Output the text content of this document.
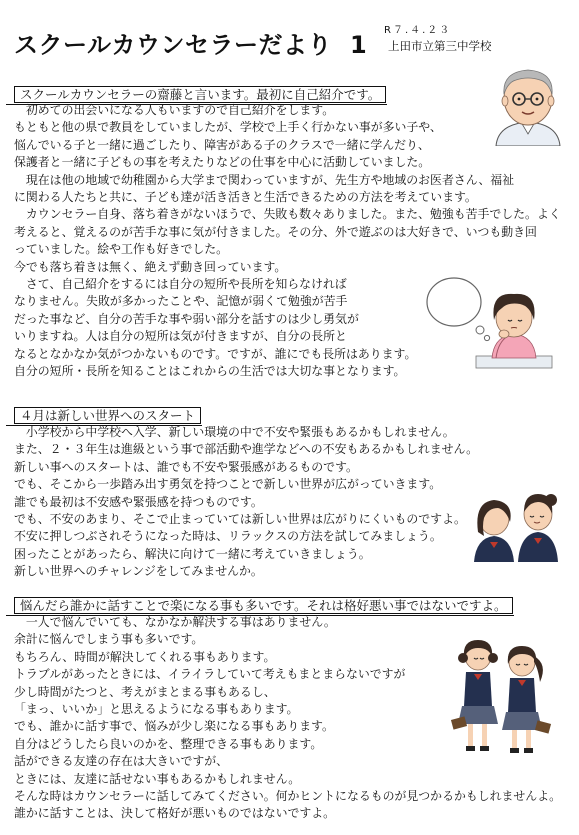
スクールカウンセラーだより 1
R７.４.２３
上田市立第三中学校
スクールカウンセラーの齋藤と言います。最初に自己紹介です。
　初めての出会いになる人もいますので自己紹介をします。
もともと他の県で教員をしていましたが、学校で上手く行かない事が多い子や、
悩んでいる子と一緒に過ごしたり、障害がある子のクラスで一緒に学んだり、
保護者と一緒に子どもの事を考えたりなどの仕事を中心に活動していました。
　現在は他の地域で幼稚園から大学まで関わっていますが、先生方や地域のお医者さん、福祉
に関わる人たちと共に、子ども達が活き活きと生活できるための方法を考えています。
　カウンセラー自身、落ち着きがないほうで、失敗も数々ありました。また、勉強も苦手でした。よく
考えると、覚えるのが苦手な事に気が付きました。その分、外で遊ぶのは大好きで、いつも動き回
っていました。絵や工作も好きでした。
今でも落ち着きは無く、絶えず動き回っています。
　さて、自己紹介をするには自分の短所や長所を知らなければ
なりません。失敗が多かったことや、記憶が弱くて勉強が苦手
だった事など、自分の苦手な事や弱い部分を話すのは少し勇気が
いりますね。人は自分の短所は気が付きますが、自分の長所と
なるとなかなか気がつかないものです。ですが、誰にでも長所はあります。
自分の短所・長所を知ることはこれからの生活では大切な事となります。
４月は新しい世界へのスタート
　小学校から中学校へ入学、新しい環境の中で不安や緊張もあるかもしれません。
また、２・３年生は進級という事で部活動や進学などへの不安もあるかもしれません。
新しい事へのスタートは、誰でも不安や緊張感があるものです。
でも、そこから一歩踏み出す勇気を持つことで新しい世界が広がっていきます。
誰でも最初は不安感や緊張感を持つものです。
でも、不安のあまり、そこで止まっていては新しい世界は広がりにくいものですよ。
不安に押しつぶされそうになった時は、リラックスの方法を試してみましょう。
困ったことがあったら、解決に向けて一緒に考えていきましょう。
新しい世界へのチャレンジをしてみませんか。
悩んだら誰かに話すことで楽になる事も多いです。それは格好悪い事ではないですよ。
　一人で悩んでいても、なかなか解決する事はありません。
余計に悩んでしまう事も多いです。
もちろん、時間が解決してくれる事もあります。
トラブルがあったときには、イライラしていて考えもまとまらないですが
少し時間がたつと、考えがまとまる事もあるし、
「まっ、いいか」と思えるようになる事もあります。
でも、誰かに話す事で、悩みが少し楽になる事もあります。
自分はどうしたら良いのかを、整理できる事もあります。
話ができる友達の存在は大きいですが、
ときには、友達に話せない事もあるかもしれません。
そんな時はカウンセラーに話してみてください。何かヒントになるものが見つかるかもしれませんよ。
誰かに話すことは、決して格好が悪いものではないですよ。
